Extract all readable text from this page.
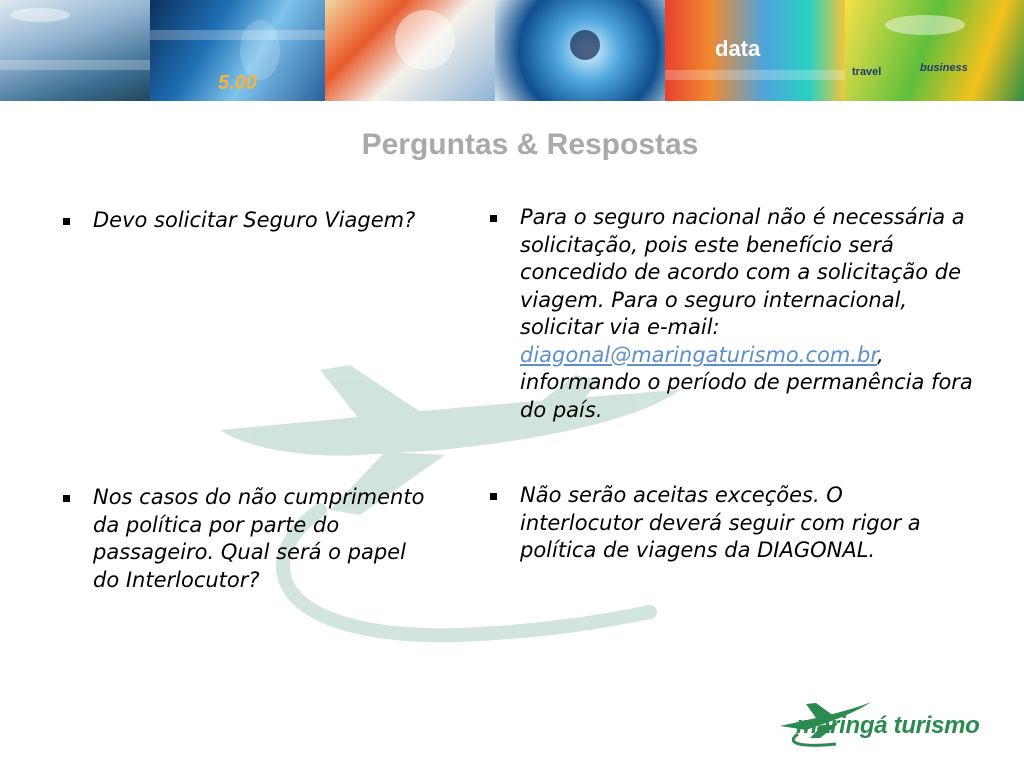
5.00
data
travel	business
Perguntas & Respostas
Devo solicitar Seguro Viagem?
Nos casos do não cumprimento da política por parte do passageiro. Qual será o papel do Interlocutor?
Para o seguro nacional não é necessária a solicitação, pois este benefício será concedido de acordo com a solicitação de viagem. Para o seguro internacional, solicitar via e-mail: diagonal@maringaturismo.com.br, informando o período de permanência fora do país.
Não serão aceitas exceções. O interlocutor deverá seguir com rigor a política de viagens da DIAGONAL.
maringá turismo
